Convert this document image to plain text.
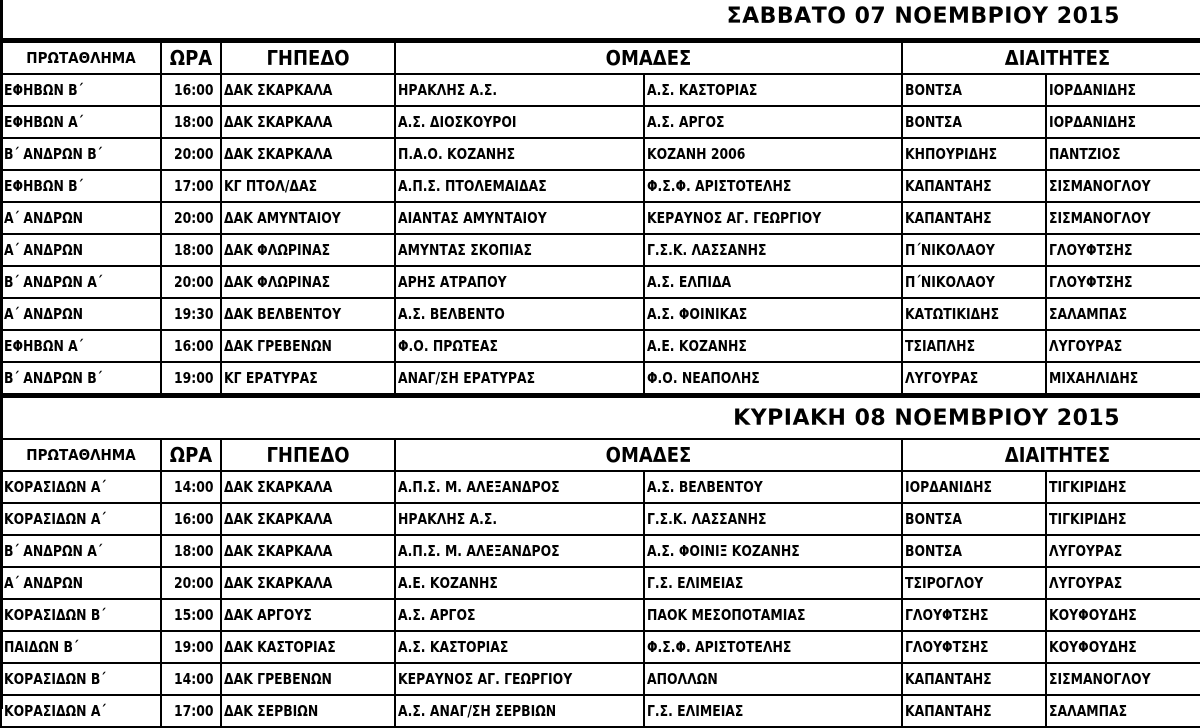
ΣΑΒΒΑΤΟ 07 ΝΟΕΜΒΡΙΟΥ 2015
ΠΡΩΤΑΘΛΗΜΑ	ΩΡΑ	ΓΗΠΕΔΟ	ΟΜΑΔΕΣ		ΔΙΑΙΤΗΤΕΣ	
ΕΦΗΒΩΝ Β΄	16:00	ΔΑΚ ΣΚΑΡΚΑΛΑ	ΗΡΑΚΛΗΣ Α.Σ.	Α.Σ. ΚΑΣΤΟΡΙΑΣ	ΒΟΝΤΣΑ	ΙΟΡΔΑΝΙΔΗΣ
ΕΦΗΒΩΝ Α΄	18:00	ΔΑΚ ΣΚΑΡΚΑΛΑ	Α.Σ. ΔΙΟΣΚΟΥΡΟΙ	Α.Σ. ΑΡΓΟΣ	ΒΟΝΤΣΑ	ΙΟΡΔΑΝΙΔΗΣ
Β΄ ΑΝΔΡΩΝ Β΄	20:00	ΔΑΚ ΣΚΑΡΚΑΛΑ	Π.Α.Ο. ΚΟΖΑΝΗΣ	ΚΟΖΑΝΗ 2006	ΚΗΠΟΥΡΙΔΗΣ	ΠΑΝΤΖΙΟΣ
ΕΦΗΒΩΝ Β΄	17:00	ΚΓ ΠΤΟΛ/ΔΑΣ	Α.Π.Σ. ΠΤΟΛΕΜΑΙΔΑΣ	Φ.Σ.Φ. ΑΡΙΣΤΟΤΕΛΗΣ	ΚΑΠΑΝΤΑΗΣ	ΣΙΣΜΑΝΟΓΛΟΥ
Α΄ ΑΝΔΡΩΝ	20:00	ΔΑΚ ΑΜΥΝΤΑΙΟΥ	ΑΙΑΝΤΑΣ ΑΜΥΝΤΑΙΟΥ	ΚΕΡΑΥΝΟΣ ΑΓ. ΓΕΩΡΓΙΟΥ	ΚΑΠΑΝΤΑΗΣ	ΣΙΣΜΑΝΟΓΛΟΥ
Α΄ ΑΝΔΡΩΝ	18:00	ΔΑΚ ΦΛΩΡΙΝΑΣ	ΑΜΥΝΤΑΣ ΣΚΟΠΙΑΣ	Γ.Σ.Κ. ΛΑΣΣΑΝΗΣ	Π΄ΝΙΚΟΛΑΟΥ	ΓΛΟΥΦΤΣΗΣ
Β΄ ΑΝΔΡΩΝ Α΄	20:00	ΔΑΚ ΦΛΩΡΙΝΑΣ	ΑΡΗΣ ΑΤΡΑΠΟΥ	Α.Σ. ΕΛΠΙΔΑ	Π΄ΝΙΚΟΛΑΟΥ	ΓΛΟΥΦΤΣΗΣ
Α΄ ΑΝΔΡΩΝ	19:30	ΔΑΚ ΒΕΛΒΕΝΤΟΥ	Α.Σ. ΒΕΛΒΕΝΤΟ	Α.Σ. ΦΟΙΝΙΚΑΣ	ΚΑΤΩΤΙΚΙΔΗΣ	ΣΑΛΑΜΠΑΣ
ΕΦΗΒΩΝ Α΄	16:00	ΔΑΚ ΓΡΕΒΕΝΩΝ	Φ.Ο. ΠΡΩΤΕΑΣ	Α.Ε. ΚΟΖΑΝΗΣ	ΤΣΙΑΠΛΗΣ	ΛΥΓΟΥΡΑΣ
Β΄ ΑΝΔΡΩΝ Β΄	19:00	ΚΓ ΕΡΑΤΥΡΑΣ	ΑΝΑΓ/ΣΗ ΕΡΑΤΥΡΑΣ	Φ.Ο. ΝΕΑΠΟΛΗΣ	ΛΥΓΟΥΡΑΣ	ΜΙΧΑΗΛΙΔΗΣ
ΚΥΡΙΑΚΗ 08 ΝΟΕΜΒΡΙΟΥ 2015
ΠΡΩΤΑΘΛΗΜΑ	ΩΡΑ	ΓΗΠΕΔΟ	ΟΜΑΔΕΣ		ΔΙΑΙΤΗΤΕΣ	
ΚΟΡΑΣΙΔΩΝ Α΄	14:00	ΔΑΚ ΣΚΑΡΚΑΛΑ	Α.Π.Σ. Μ. ΑΛΕΞΑΝΔΡΟΣ	Α.Σ. ΒΕΛΒΕΝΤΟΥ	ΙΟΡΔΑΝΙΔΗΣ	ΤΙΓΚΙΡΙΔΗΣ
ΚΟΡΑΣΙΔΩΝ Α΄	16:00	ΔΑΚ ΣΚΑΡΚΑΛΑ	ΗΡΑΚΛΗΣ Α.Σ.	Γ.Σ.Κ. ΛΑΣΣΑΝΗΣ	ΒΟΝΤΣΑ	ΤΙΓΚΙΡΙΔΗΣ
Β΄ ΑΝΔΡΩΝ Α΄	18:00	ΔΑΚ ΣΚΑΡΚΑΛΑ	Α.Π.Σ. Μ. ΑΛΕΞΑΝΔΡΟΣ	Α.Σ. ΦΟΙΝΙΞ ΚΟΖΑΝΗΣ	ΒΟΝΤΣΑ	ΛΥΓΟΥΡΑΣ
Α΄ ΑΝΔΡΩΝ	20:00	ΔΑΚ ΣΚΑΡΚΑΛΑ	Α.Ε. ΚΟΖΑΝΗΣ	Γ.Σ. ΕΛΙΜΕΙΑΣ	ΤΣΙΡΟΓΛΟΥ	ΛΥΓΟΥΡΑΣ
ΚΟΡΑΣΙΔΩΝ Β΄	15:00	ΔΑΚ ΑΡΓΟΥΣ	Α.Σ. ΑΡΓΟΣ	ΠΑΟΚ ΜΕΣΟΠΟΤΑΜΙΑΣ	ΓΛΟΥΦΤΣΗΣ	ΚΟΥΦΟΥΔΗΣ
ΠΑΙΔΩΝ Β΄	19:00	ΔΑΚ ΚΑΣΤΟΡΙΑΣ	Α.Σ. ΚΑΣΤΟΡΙΑΣ	Φ.Σ.Φ. ΑΡΙΣΤΟΤΕΛΗΣ	ΓΛΟΥΦΤΣΗΣ	ΚΟΥΦΟΥΔΗΣ
ΚΟΡΑΣΙΔΩΝ Β΄	14:00	ΔΑΚ ΓΡΕΒΕΝΩΝ	ΚΕΡΑΥΝΟΣ ΑΓ. ΓΕΩΡΓΙΟΥ	ΑΠΟΛΛΩΝ	ΚΑΠΑΝΤΑΗΣ	ΣΙΣΜΑΝΟΓΛΟΥ
ΚΟΡΑΣΙΔΩΝ Α΄	17:00	ΔΑΚ ΣΕΡΒΙΩΝ	Α.Σ. ΑΝΑΓ/ΣΗ ΣΕΡΒΙΩΝ	Γ.Σ. ΕΛΙΜΕΙΑΣ	ΚΑΠΑΝΤΑΗΣ	ΣΑΛΑΜΠΑΣ
